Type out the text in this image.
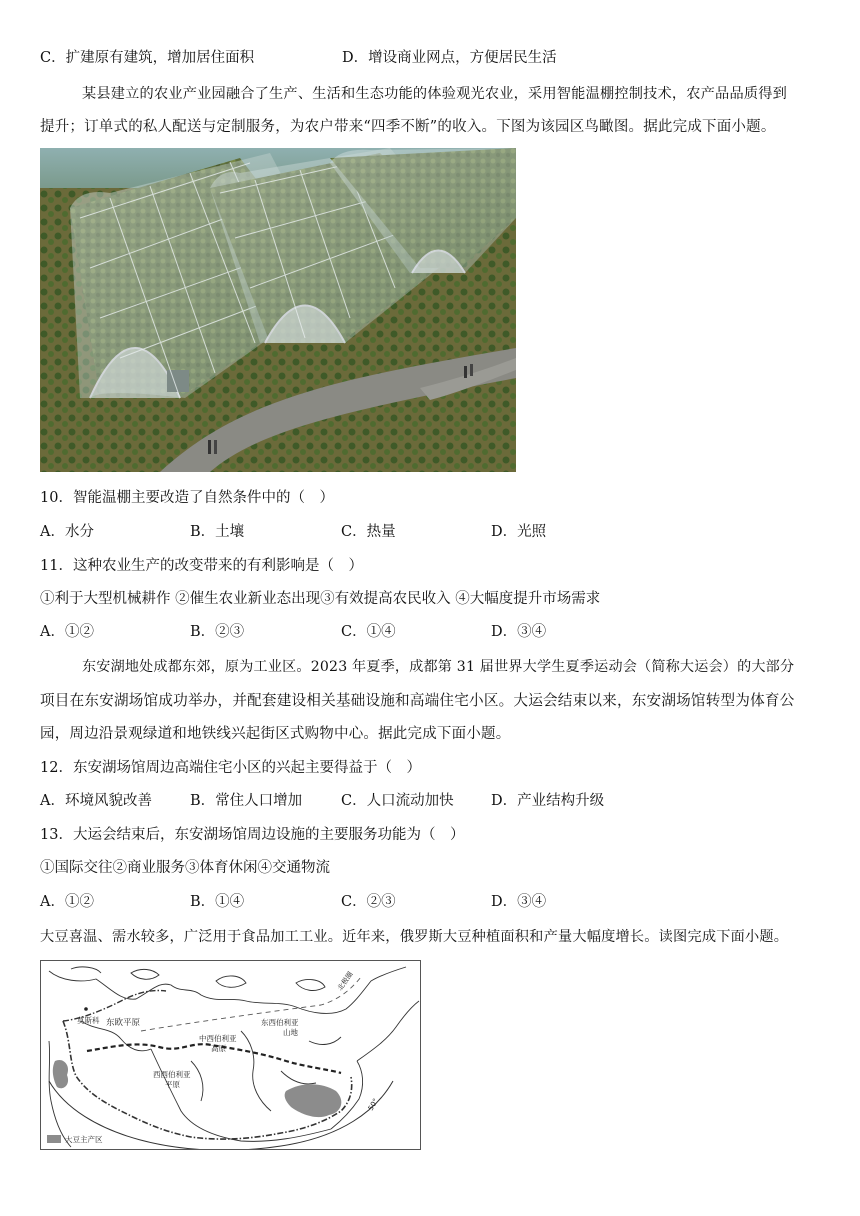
C．扩建原有建筑，增加居住面积	D．增设商业网点，方便居民生活
某县建立的农业产业园融合了生产、生活和生态功能的体验观光农业，采用智能温棚控制技术，农产品品质得到
提升；订单式的私人配送与定制服务，为农户带来“四季不断”的收入。下图为该园区鸟瞰图。据此完成下面小题。
10．智能温棚主要改造了自然条件中的（　）
A．水分	B．土壤	C．热量	D．光照
11．这种农业生产的改变带来的有利影响是（　）
①利于大型机械耕作 ②催生农业新业态出现③有效提高农民收入 ④大幅度提升市场需求
A．①②	B．②③	C．①④	D．③④
东安湖地处成都东郊，原为工业区。2023 年夏季，成都第 31 届世界大学生夏季运动会（简称大运会）的大部分
项目在东安湖场馆成功举办，并配套建设相关基础设施和高端住宅小区。大运会结束以来，东安湖场馆转型为体育公
园，周边沿景观绿道和地铁线兴起街区式购物中心。据此完成下面小题。
12．东安湖场馆周边高端住宅小区的兴起主要得益于（　）
A．环境风貌改善	B．常住人口增加	C．人口流动加快	D．产业结构升级
13．大运会结束后，东安湖场馆周边设施的主要服务功能为（　）
①国际交往②商业服务③体育休闲④交通物流
A．①②	B．①④	C．②③	D．③④
大豆喜温、需水较多，广泛用于食品加工工业。近年来，俄罗斯大豆种植面积和产量大幅度增长。读图完成下面小题。
莫斯科 东欧平原
西西伯利亚
平原
中西伯利亚
高原
东西伯利亚
山地
北极圈
50°
大豆主产区
